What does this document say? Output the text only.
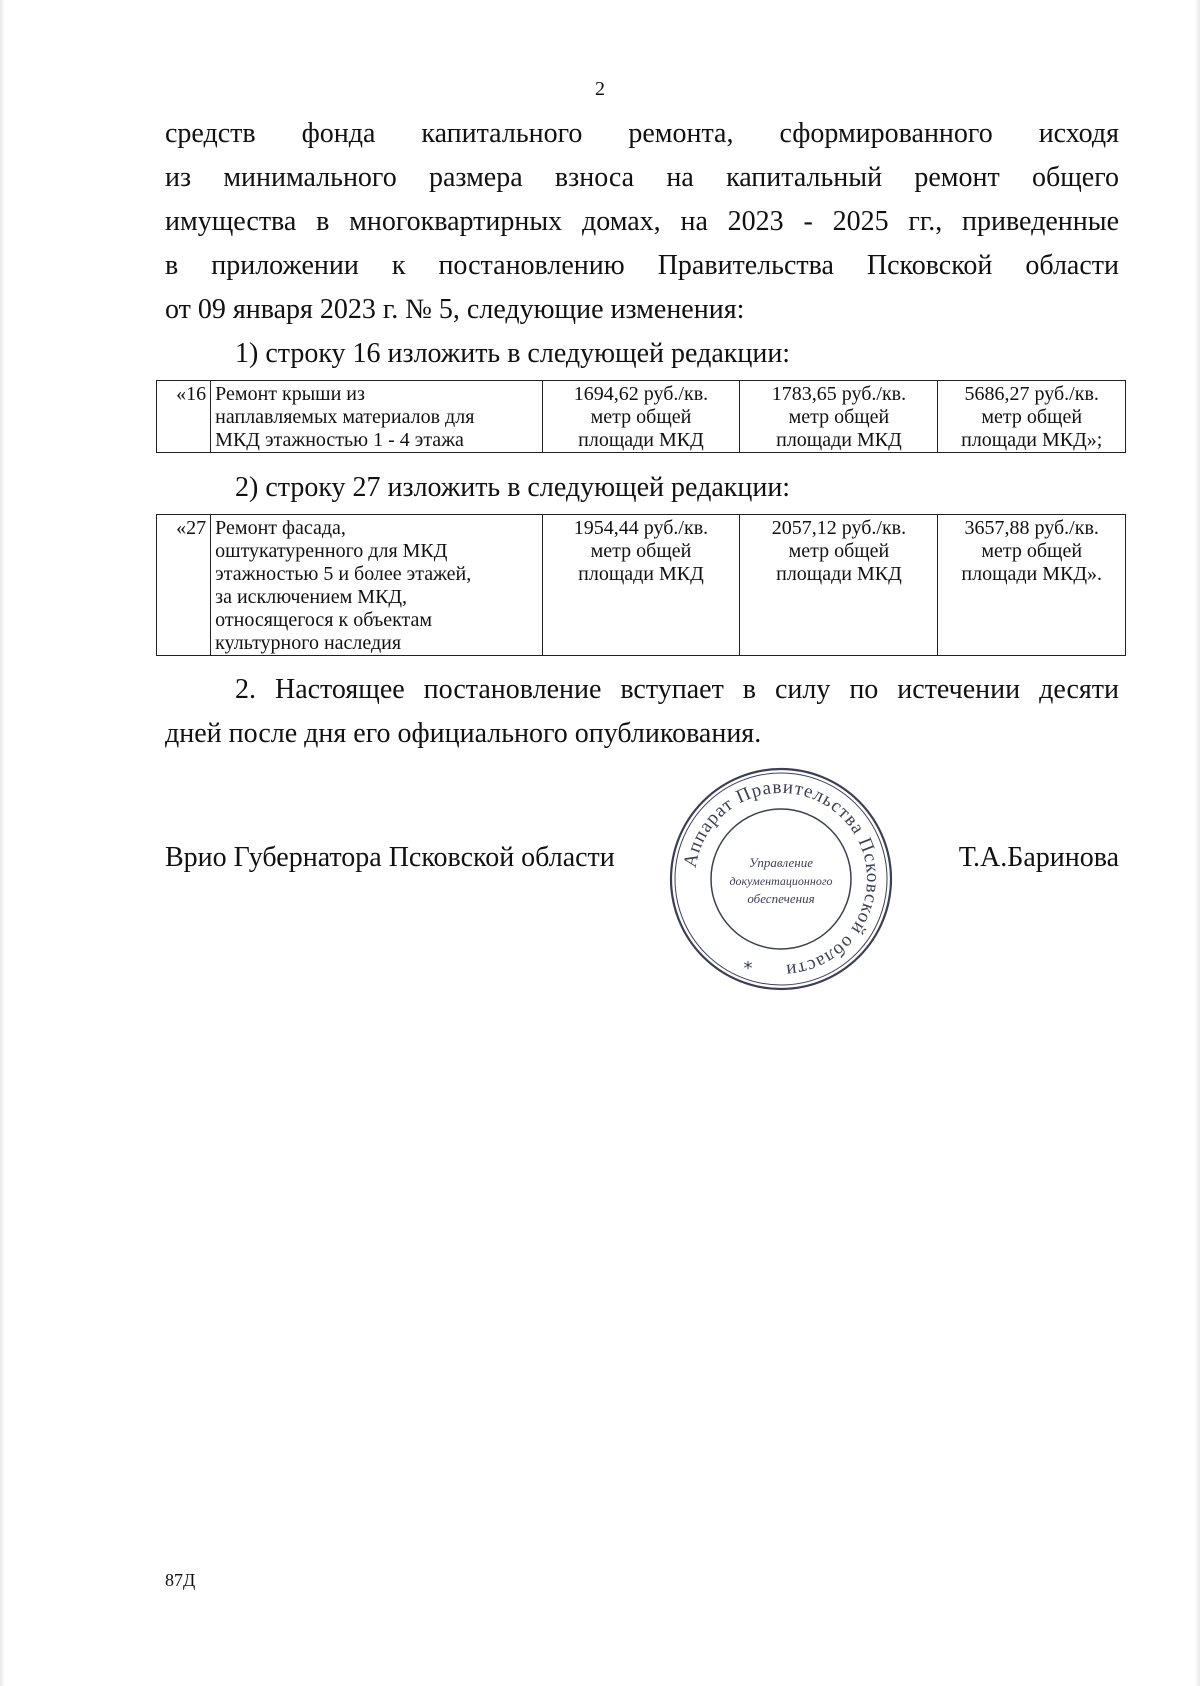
2
средств фонда капитального ремонта, сформированного исходя
из минимального размера взноса на капитальный ремонт общего
имущества в многоквартирных домах, на 2023 - 2025 гг., приведенные
в приложении к постановлению Правительства Псковской области
от 09 января 2023 г. № 5, следующие изменения:
1) строку 16 изложить в следующей редакции:
«16	Ремонт крыши из
наплавляемых материалов для
МКД этажностью 1 - 4 этажа

1694,62 руб./кв.
метр общей
площади МКД

1783,65 руб./кв.
метр общей
площади МКД

5686,27 руб./кв.
метр общей
площади МКД»;
2) строку 27 изложить в следующей редакции:
«27	Ремонт фасада,
оштукатуренного для МКД
этажностью 5 и более этажей,
за исключением МКД,
относящегося к объектам
культурного наследия

1954,44 руб./кв.
метр общей
площади МКД

2057,12 руб./кв.
метр общей
площади МКД

3657,88 руб./кв.
метр общей
площади МКД».
2. Настоящее постановление вступает в силу по истечении десяти
дней после дня его официального опубликования.
Врио Губернатора Псковской области	Т.А.Баринова
Аппарат Правительства Псковской области
Управление
документационного
обеспечения
*
87Д
